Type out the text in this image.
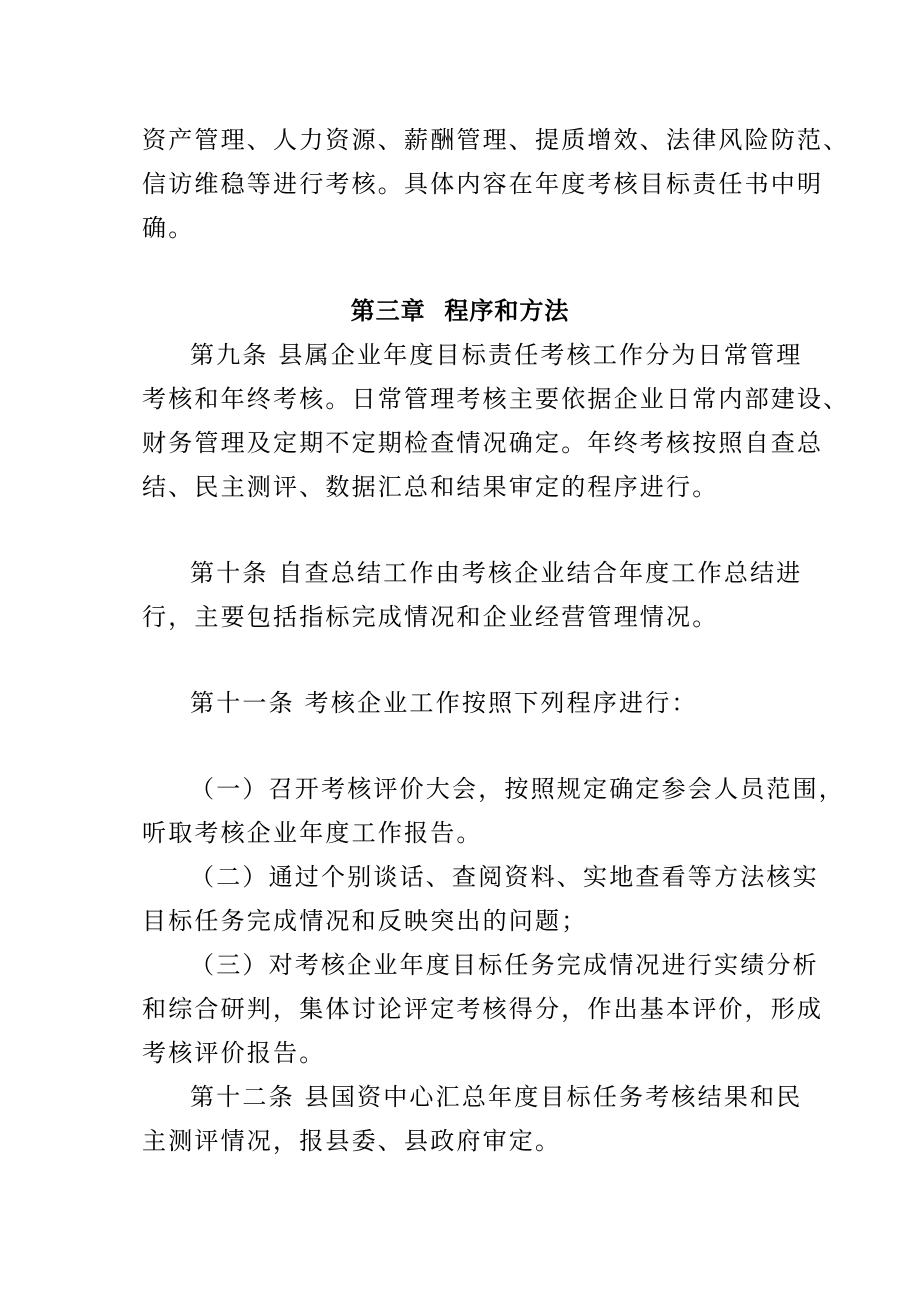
资产管理、人力资源、薪酬管理、提质增效、法律风险防范、
信访维稳等进行考核。具体内容在年度考核目标责任书中明
确。
第三章  程序和方法
第九条 县属企业年度目标责任考核工作分为日常管理
考核和年终考核。日常管理考核主要依据企业日常内部建设、
财务管理及定期不定期检查情况确定。年终考核按照自查总
结、民主测评、数据汇总和结果审定的程序进行。
第十条 自查总结工作由考核企业结合年度工作总结进
行，主要包括指标完成情况和企业经营管理情况。
第十一条 考核企业工作按照下列程序进行：
（一）召开考核评价大会，按照规定确定参会人员范围，
听取考核企业年度工作报告。
（二）通过个别谈话、查阅资料、实地查看等方法核实
目标任务完成情况和反映突出的问题；
（三）对考核企业年度目标任务完成情况进行实绩分析
和综合研判，集体讨论评定考核得分，作出基本评价，形成
考核评价报告。
第十二条 县国资中心汇总年度目标任务考核结果和民
主测评情况，报县委、县政府审定。
